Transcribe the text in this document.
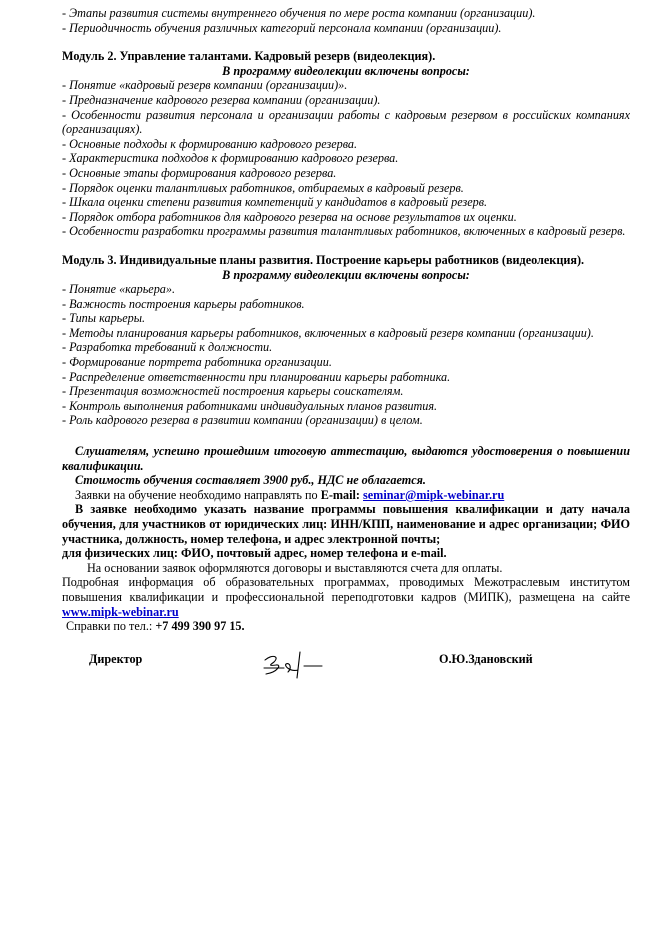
- Этапы развития системы внутреннего обучения по мере роста компании (организации).

- Периодичность обучения различных категорий персонала компании (организации).

Модуль 2. Управление талантами. Кадровый резерв (видеолекция).

В программу видеолекции включены вопросы:

- Понятие «кадровый резерв компании (организации)».

- Предназначение кадрового резерва компании (организации).

- Особенности развития персонала и организации работы с кадровым резервом в российских компаниях (организациях).

- Основные подходы к формированию кадрового резерва.

- Характеристика подходов к формированию кадрового резерва.

- Основные этапы формирования кадрового резерва.

- Порядок оценки талантливых работников, отбираемых в кадровый резерв.

- Шкала оценки степени развития компетенций у кандидатов в кадровый резерв.

- Порядок отбора работников для кадрового резерва на основе результатов их оценки.

- Особенности разработки программы развития талантливых работников, включенных в кадровый резерв.

Модуль 3. Индивидуальные планы развития. Построение карьеры работников (видеолекция).

В программу видеолекции включены вопросы:

- Понятие «карьера».

- Важность построения карьеры работников.

- Типы карьеры.

- Методы планирования карьеры работников, включенных в кадровый резерв компании (организации).

- Разработка требований к должности.

- Формирование портрета работника организации.

- Распределение ответственности при планировании карьеры работника.

- Презентация возможностей построения карьеры соискателям.

- Контроль выполнения работниками индивидуальных планов развития.

- Роль кадрового резерва в развитии компании (организации) в целом.

Слушателям, успешно прошедшим итоговую аттестацию, выдаются удостоверения о повышении квалификации.

Стоимость обучения составляет 3900 руб., НДС не облагается.

Заявки на обучение необходимо направлять по E-mail: seminar@mipk-webinar.ru

В заявке необходимо указать название программы повышения квалификации и дату начала обучения, для участников от юридических лиц: ИНН/КПП, наименование и адрес организации; ФИО участника, должность, номер телефона, и адрес электронной почты;

для физических лиц: ФИО, почтовый адрес, номер телефона и e-mail.

На основании заявок оформляются договоры и выставляются счета для оплаты.

Подробная информация об образовательных программах, проводимых Межотраслевым институтом повышения квалификации и профессиональной переподготовки кадров (МИПК), размещена на сайте www.mipk-webinar.ru

Справки по тел.: +7 499 390 97 15.

Директор	О.Ю.Здановский
